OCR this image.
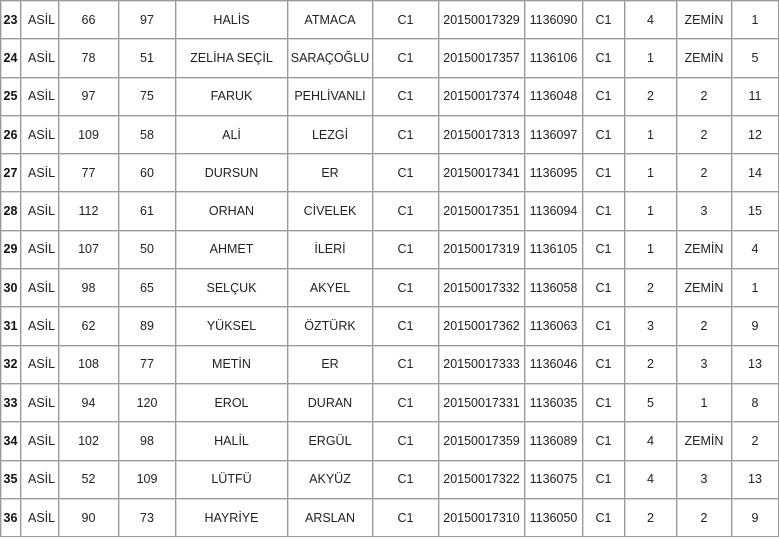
23	ASİL	66	97	HALİS	ATMACA	C1	20150017329	1136090	C1	4	ZEMİN	1
24	ASİL	78	51	ZELİHA SEÇİL	SARAÇOĞLU	C1	20150017357	1136106	C1	1	ZEMİN	5
25	ASİL	97	75	FARUK	PEHLİVANLI	C1	20150017374	1136048	C1	2	2	11
26	ASİL	109	58	ALİ	LEZGİ	C1	20150017313	1136097	C1	1	2	12
27	ASİL	77	60	DURSUN	ER	C1	20150017341	1136095	C1	1	2	14
28	ASİL	112	61	ORHAN	CİVELEK	C1	20150017351	1136094	C1	1	3	15
29	ASİL	107	50	AHMET	İLERİ	C1	20150017319	1136105	C1	1	ZEMİN	4
30	ASİL	98	65	SELÇUK	AKYEL	C1	20150017332	1136058	C1	2	ZEMİN	1
31	ASİL	62	89	YÜKSEL	ÖZTÜRK	C1	20150017362	1136063	C1	3	2	9
32	ASİL	108	77	METİN	ER	C1	20150017333	1136046	C1	2	3	13
33	ASİL	94	120	EROL	DURAN	C1	20150017331	1136035	C1	5	1	8
34	ASİL	102	98	HALİL	ERGÜL	C1	20150017359	1136089	C1	4	ZEMİN	2
35	ASİL	52	109	LÜTFÜ	AKYÜZ	C1	20150017322	1136075	C1	4	3	13
36	ASİL	90	73	HAYRİYE	ARSLAN	C1	20150017310	1136050	C1	2	2	9
